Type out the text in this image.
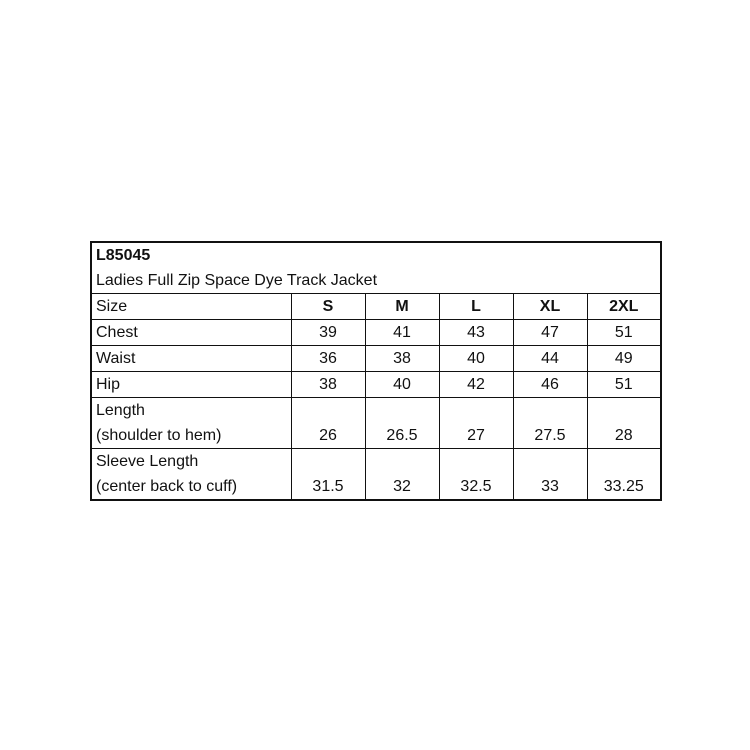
L85045					
Ladies Full Zip Space Dye Track Jacket					
Size	S	M	L	XL	2XL
Chest	39	41	43	47	51
Waist	36	38	40	44	49
Hip	38	40	42	46	51

Length
(shoulder to hem)	26	26.5	27	27.5	28

Sleeve Length
(center back to cuff)	31.5	32	32.5	33	33.25
